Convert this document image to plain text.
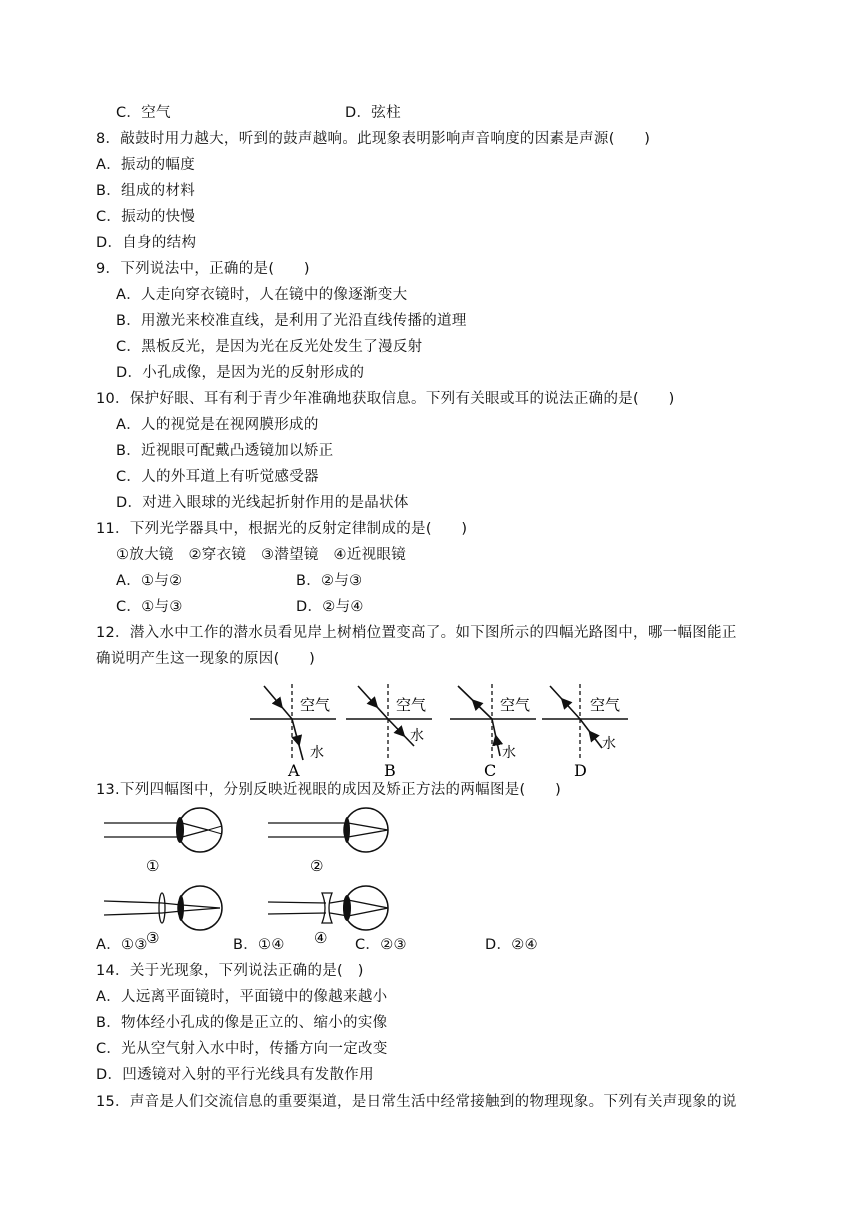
C．空气	D．弦柱
8．敲鼓时用力越大，听到的鼓声越响。此现象表明影响声音响度的因素是声源(　　)
A．振动的幅度
B．组成的材料
C．振动的快慢
D．自身的结构
9．下列说法中，正确的是(　　)
A．人走向穿衣镜时，人在镜中的像逐渐变大
B．用激光来校准直线，是利用了光沿直线传播的道理
C．黑板反光，是因为光在反光处发生了漫反射
D．小孔成像，是因为光的反射形成的
10．保护好眼、耳有利于青少年准确地获取信息。下列有关眼或耳的说法正确的是(　　)
A．人的视觉是在视网膜形成的
B．近视眼可配戴凸透镜加以矫正
C．人的外耳道上有听觉感受器
D．对进入眼球的光线起折射作用的是晶状体
11．下列光学器具中，根据光的反射定律制成的是(　　)
①放大镜　②穿衣镜　③潜望镜　④近视眼镜
A．①与②	B．②与③
C．①与③	D．②与④
12．潜入水中工作的潜水员看见岸上树梢位置变高了。如下图所示的四幅光路图中，哪一幅图能正
确说明产生这一现象的原因(　　)
空气
水
A
空气
水
B
空气
水
C
空气
水
D
13.下列四幅图中，分别反映近视眼的成因及矫正方法的两幅图是(　　)
①	②
③	④
A．①③	B．①④	C．②③	D．②④
14．关于光现象，下列说法正确的是(　)
A．人远离平面镜时，平面镜中的像越来越小
B．物体经小孔成的像是正立的、缩小的实像
C．光从空气射入水中时，传播方向一定改变
D．凹透镜对入射的平行光线具有发散作用
15．声音是人们交流信息的重要渠道，是日常生活中经常接触到的物理现象。下列有关声现象的说
